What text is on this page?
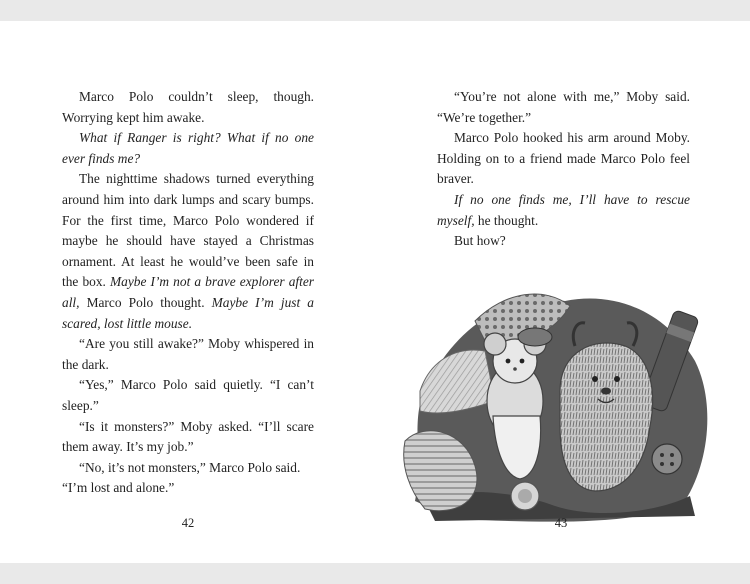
Marco Polo couldn’t sleep, though. Worrying kept him awake.

What if Ranger is right? What if no one ever finds me?

The nighttime shadows turned everything around him into dark lumps and scary bumps. For the first time, Marco Polo wondered if maybe he should have stayed a Christmas ornament. At least he would’ve been safe in the box. Maybe I’m not a brave explorer after all, Marco Polo thought. Maybe I’m just a scared, lost little mouse.

“Are you still awake?” Moby whispered in the dark.

“Yes,” Marco Polo said quietly. “I can’t sleep.”

“Is it monsters?” Moby asked. “I’ll scare them away. It’s my job.”

“No, it’s not monsters,” Marco Polo said.

“I’m lost and alone.”

42

“You’re not alone with me,” Moby said. “We’re together.”

Marco Polo hooked his arm around Moby. Holding on to a friend made Marco Polo feel braver.

If no one finds me, I’ll have to rescue myself, he thought.

But how?

43
